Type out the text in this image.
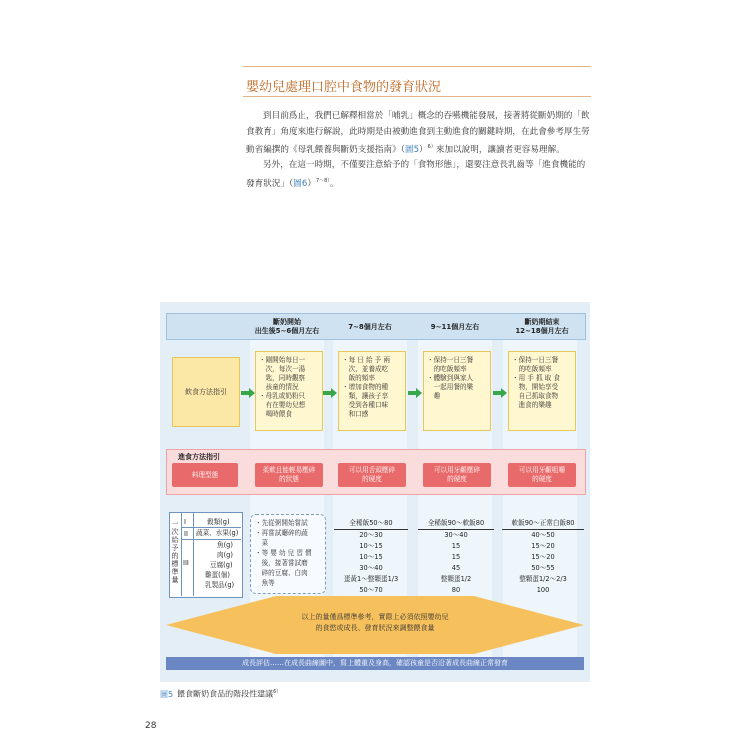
嬰幼兒處理口腔中食物的發育狀況

到目前爲止，我們已解釋相當於「哺乳」概念的吞嚥機能發展，接著將從斷奶期的「飲食教育」角度來進行解說，此時期是由被動進食到主動進食的關鍵時期，在此會參考厚生勞動省編撰的《母乳餵養與斷奶支援指南》（圖5）$^{6)}$來加以說明，讓讀者更容易理解。

另外，在這一時期，不僅要注意給予的「食物形態」，還要注意長乳齒等「進食機能的發育狀況」（圖6）$^{7\sim 8)}$。

斷奶開始
出生後5~6個月左右
7~8個月左右	9~11個月左右
斷奶期結束
12~18個月左右
飲食方法指引
・剛開始每日一
　次，每次一湯
　匙，同時觀察
　孩童的情況
・母乳或奶粉只
　有在嬰幼兒想
　喝時餵食
・每 日 給 予 兩
　次，並養成吃
　飯的頻率
・增加食物的種
　類，讓孩子享
　受到各種口味
　和口感
・保持一日三餐
　的吃飯頻率
・體驗到與家人
　一起用餐的樂
　趣
・保持一日三餐
　的吃飯頻率
・用 手 抓 取 食
　物，開始享受
　自己抓取食物
　進食的樂趣
進食方法指引
料理型態
柔軟且能輕易壓碎
的狀態
可以用舌頭壓碎
的硬度
可以用牙齦壓碎
的硬度
可以用牙齦咀嚼
的硬度
一次給予的標準量
I
II
III
穀類(g)
蔬菜、水果(g)
魚(g)
肉(g)
豆腐(g)
雞蛋(個)
乳製品(g)
・先從粥開始嘗試
・再嘗試廳碎的蔬
　菜
・等 嬰 幼 兒 習 慣
　後，接著嘗試磨
　碎的豆腐、白肉
　魚等
全稀飯50～80
20～30
10～15
10～15
30～40
蛋黃1～整顆蛋1/3
50～70
全稀飯90～軟飯80
30～40
15
15
45
整顆蛋1/2
80
軟飯90～正常白飯80
40～50
15～20
15～20
50～55
整顆蛋1/2～2/3
100
以上的量僅爲標準參考，實際上必須依照嬰幼兒
的食慾或成長、發育狀況來調整餵食量
成長評估……在成長曲線圖中，寫上體重及身高，確認孩童是否沿著成長曲線正常發育
圖5 餵食斷奶食品的階段性建議$^{6)}$
28
